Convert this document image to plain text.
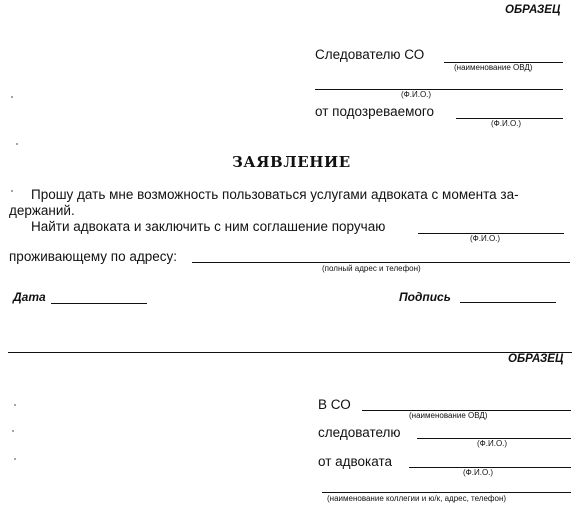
ОБРАЗЕЦ
Следователю СО
(наименование ОВД)
(Ф.И.О.)
от подозреваемого
(Ф.И.О.)
ЗАЯВЛЕНИЕ
Прошу дать мне возможность пользоваться услугами адвоката с момента за-
держаний.
Найти адвоката и заключить с ним соглашение поручаю
(Ф.И.О.)
проживающему по адресу:
(полный адрес и телефон)
Дата	Подпись
ОБРАЗЕЦ
В СО
(наименование ОВД)
следователю
(Ф.И.О.)
от адвоката
(Ф.И.О.)
(наименование коллегии и ю/к, адрес, телефон)
